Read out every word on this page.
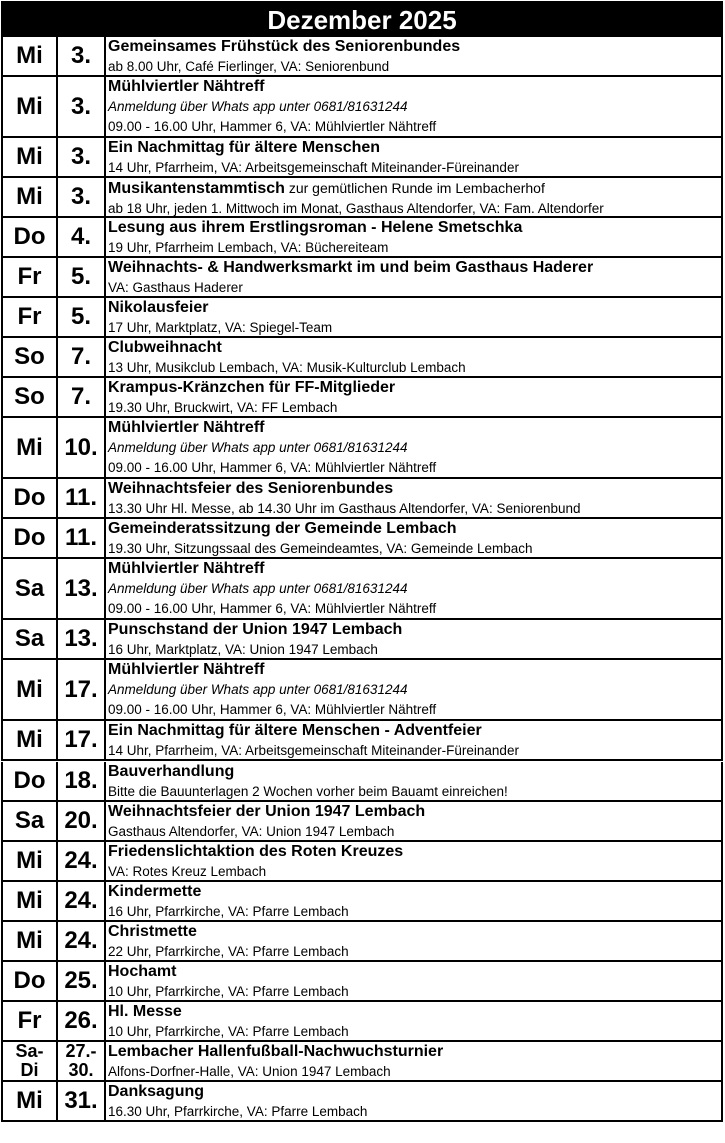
Dezember 2025
Mi 3. Gemeinsames Frühstück des Seniorenbundes
ab 8.00 Uhr, Café Fierlinger, VA: Seniorenbund
Mi 3.
Mühlviertler Nähtreff
Anmeldung über Whats app unter 0681/81631244
09.00 - 16.00 Uhr, Hammer 6, VA: Mühlviertler Nähtreff
Mi 3. Ein Nachmittag für ältere Menschen
14 Uhr, Pfarrheim, VA: Arbeitsgemeinschaft Miteinander-Füreinander
Mi 3. Musikantenstammtisch zur gemütlichen Runde im Lembacherhof
ab 18 Uhr, jeden 1. Mittwoch im Monat, Gasthaus Altendorfer, VA: Fam. Altendorfer
Do 4. Lesung aus ihrem Erstlingsroman - Helene Smetschka
19 Uhr, Pfarrheim Lembach, VA: Büchereiteam
Fr 5. Weihnachts- & Handwerksmarkt im und beim Gasthaus Haderer
VA: Gasthaus Haderer
Fr 5. Nikolausfeier
17 Uhr, Marktplatz, VA: Spiegel-Team
So 7. Clubweihnacht
13 Uhr, Musikclub Lembach, VA: Musik-Kulturclub Lembach
So 7. Krampus-Kränzchen für FF-Mitglieder
19.30 Uhr, Bruckwirt, VA: FF Lembach
Mi 10.
Mühlviertler Nähtreff
Anmeldung über Whats app unter 0681/81631244
09.00 - 16.00 Uhr, Hammer 6, VA: Mühlviertler Nähtreff
Do 11. Weihnachtsfeier des Seniorenbundes
13.30 Uhr Hl. Messe, ab 14.30 Uhr im Gasthaus Altendorfer, VA: Seniorenbund
Do 11. Gemeinderatssitzung der Gemeinde Lembach
19.30 Uhr, Sitzungssaal des Gemeindeamtes, VA: Gemeinde Lembach
Sa 13.
Mühlviertler Nähtreff
Anmeldung über Whats app unter 0681/81631244
09.00 - 16.00 Uhr, Hammer 6, VA: Mühlviertler Nähtreff
Sa 13. Punschstand der Union 1947 Lembach
16 Uhr, Marktplatz, VA: Union 1947 Lembach
Mi 17.
Mühlviertler Nähtreff
Anmeldung über Whats app unter 0681/81631244
09.00 - 16.00 Uhr, Hammer 6, VA: Mühlviertler Nähtreff
Mi 17. Ein Nachmittag für ältere Menschen - Adventfeier
14 Uhr, Pfarrheim, VA: Arbeitsgemeinschaft Miteinander-Füreinander
Do 18. Bauverhandlung
Bitte die Bauunterlagen 2 Wochen vorher beim Bauamt einreichen!
Sa 20. Weihnachtsfeier der Union 1947 Lembach
Gasthaus Altendorfer, VA: Union 1947 Lembach
Mi 24. Friedenslichtaktion des Roten Kreuzes
VA: Rotes Kreuz Lembach
Mi 24. Kindermette
16 Uhr, Pfarrkirche, VA: Pfarre Lembach
Mi 24. Christmette
22 Uhr, Pfarrkirche, VA: Pfarre Lembach
Do 25. Hochamt
10 Uhr, Pfarrkirche, VA: Pfarre Lembach
Fr 26. Hl. Messe
10 Uhr, Pfarrkirche, VA: Pfarre Lembach
Sa-
Di
27.-
30.
Lembacher Hallenfußball-Nachwuchsturnier
Alfons-Dorfner-Halle, VA: Union 1947 Lembach
Mi 31. Danksagung
16.30 Uhr, Pfarrkirche, VA: Pfarre Lembach
